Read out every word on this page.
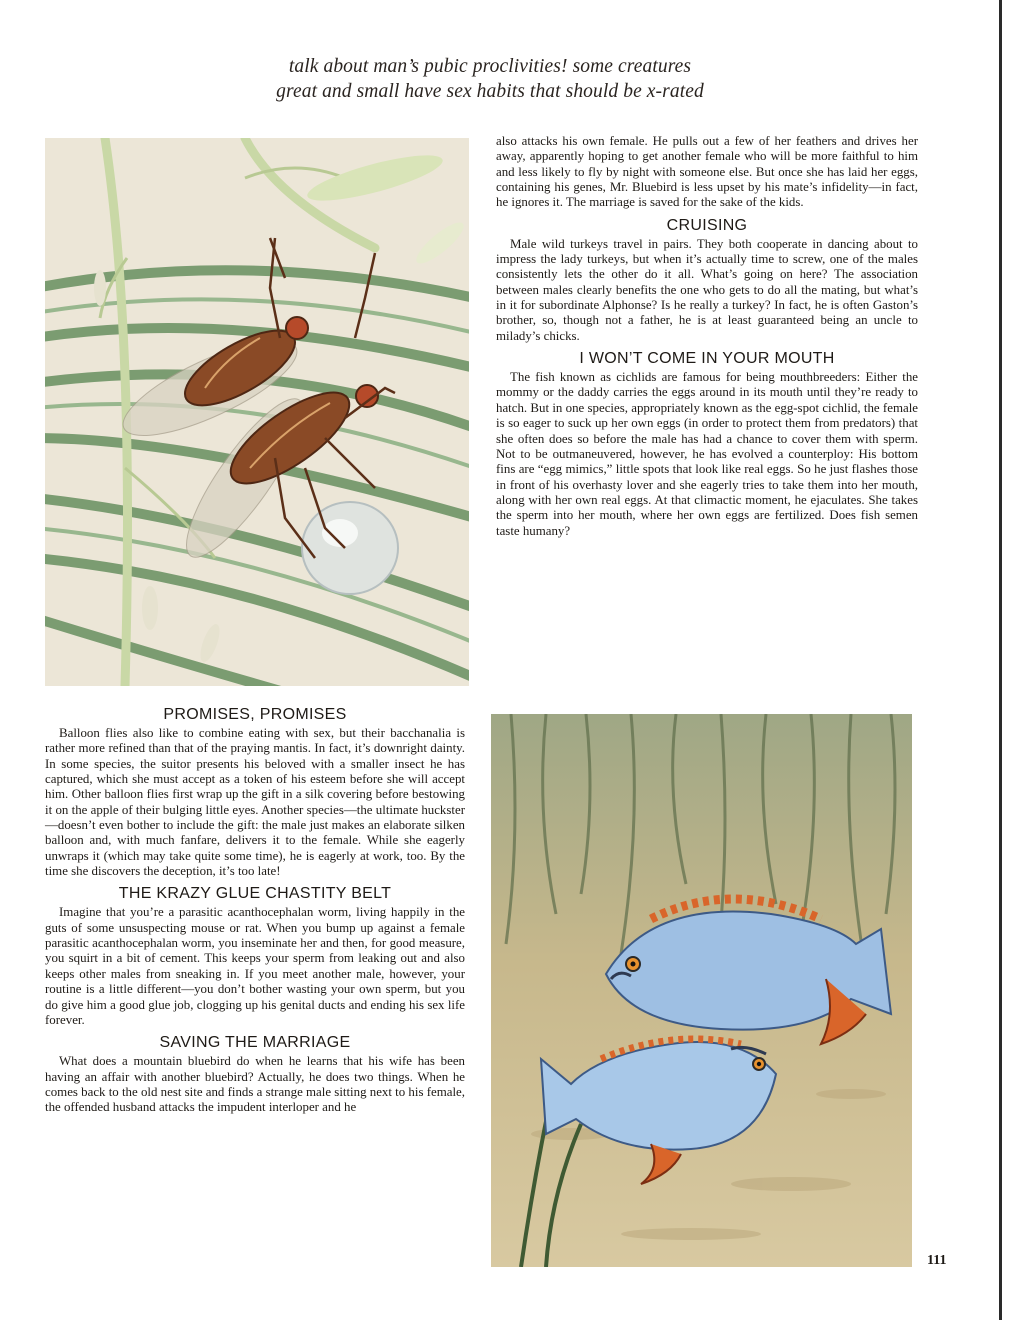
talk about man’s pubic proclivities! some creatures
great and small have sex habits that should be x-rated

also attacks his own female. He pulls out a few of her feathers and drives her away, apparently hoping to get another female who will be more faithful to him and less likely to fly by night with someone else. But once she has laid her eggs, containing his genes, Mr. Bluebird is less upset by his mate’s infidelity—in fact, he ignores it. The marriage is saved for the sake of the kids.

CRUISING

Male wild turkeys travel in pairs. They both cooperate in dancing about to impress the lady turkeys, but when it’s actually time to screw, one of the males consistently lets the other do it all. What’s going on here? The association between males clearly benefits the one who gets to do all the mating, but what’s in it for subordinate Alphonse? Is he really a turkey? In fact, he is often Gaston’s brother, so, though not a father, he is at least guaranteed being an uncle to milady’s chicks.

I WON’T COME IN YOUR MOUTH

The fish known as cichlids are famous for being mouthbreeders: Either the mommy or the daddy carries the eggs around in its mouth until they’re ready to hatch. But in one species, appropriately known as the egg-spot cichlid, the female is so eager to suck up her own eggs (in order to protect them from predators) that she often does so before the male has had a chance to cover them with sperm. Not to be outmaneuvered, however, he has evolved a counterploy: His bottom fins are “egg mimics,” little spots that look like real eggs. So he just flashes those in front of his overhasty lover and she eagerly tries to take them into her mouth, along with her own real eggs. At that climactic moment, he ejaculates. She takes the sperm into her mouth, where her own eggs are fertilized. Does fish semen taste humany?

PROMISES, PROMISES

Balloon flies also like to combine eating with sex, but their bacchanalia is rather more refined than that of the praying mantis. In fact, it’s downright dainty. In some species, the suitor presents his beloved with a smaller insect he has captured, which she must accept as a token of his esteem before she will accept him. Other balloon flies first wrap up the gift in a silk covering before bestowing it on the apple of their bulging little eyes. Another species—the ultimate huckster—doesn’t even bother to include the gift: the male just makes an elaborate silken balloon and, with much fanfare, delivers it to the female. While she eagerly unwraps it (which may take quite some time), he is eagerly at work, too. By the time she discovers the deception, it’s too late!

THE KRAZY GLUE CHASTITY BELT

Imagine that you’re a parasitic acanthocephalan worm, living happily in the guts of some unsuspecting mouse or rat. When you bump up against a female parasitic acanthocephalan worm, you inseminate her and then, for good measure, you squirt in a bit of cement. This keeps your sperm from leaking out and also keeps other males from sneaking in. If you meet another male, however, your routine is a little different—you don’t bother wasting your own sperm, but you do give him a good glue job, clogging up his genital ducts and ending his sex life forever.

SAVING THE MARRIAGE

What does a mountain bluebird do when he learns that his wife has been having an affair with another bluebird? Actually, he does two things. When he comes back to the old nest site and finds a strange male sitting next to his female, the offended husband attacks the impudent interloper and he

111
